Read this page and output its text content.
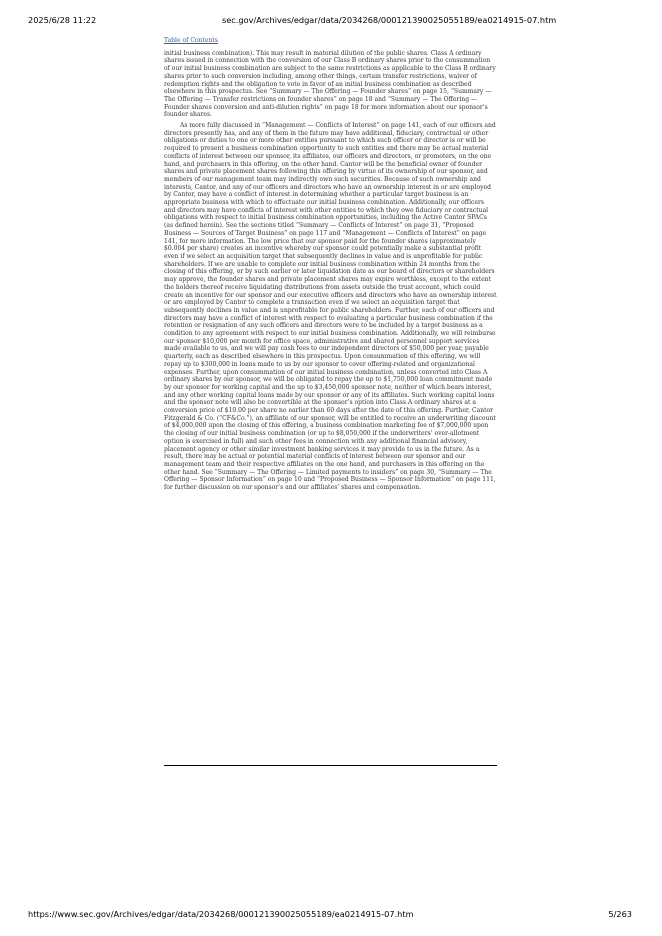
2025/6/28 11:22	sec.gov/Archives/edgar/data/2034268/000121390025055189/ea0214915-07.htm
Table of Contents

initial business combination). This may result in material dilution of the public shares. Class A ordinary shares issued in connection with the conversion of our Class B ordinary shares prior to the consummation of our initial business combination are subject to the same restrictions as applicable to the Class B ordinary shares prior to such conversion including, among other things, certain transfer restrictions, waiver of redemption rights and the obligation to vote in favor of an initial business combination as described elsewhere in this prospectus. See “Summary — The Offering — Founder shares” on page 15, “Summary — The Offering — Transfer restrictions on founder shares” on page 18 and “Summary — The Offering — Founder shares conversion and anti-dilution rights” on page 18 for more information about our sponsor’s founder shares.

As more fully discussed in “Management — Conflicts of Interest” on page 141, each of our officers and directors presently has, and any of them in the future may have additional, fiduciary, contractual or other obligations or duties to one or more other entities pursuant to which such officer or director is or will be required to present a business combination opportunity to such entities and there may be actual material conflicts of interest between our sponsor, its affiliates, our officers and directors, or promoters, on the one hand, and purchasers in this offering, on the other hand. Cantor will be the beneficial owner of founder shares and private placement shares following this offering by virtue of its ownership of our sponsor, and members of our management team may indirectly own such securities. Because of such ownership and interests, Cantor, and any of our officers and directors who have an ownership interest in or are employed by Cantor, may have a conflict of interest in determining whether a particular target business is an appropriate business with which to effectuate our initial business combination. Additionally, our officers and directors may have conflicts of interest with other entities to which they owe fiduciary or contractual obligations with respect to initial business combination opportunities, including the Active Cantor SPACs (as defined herein). See the sections titled “Summary — Conflicts of Interest” on page 31, “Proposed Business — Sources of Target Business” on page 117 and “Management — Conflicts of Interest” on page 141, for more information. The low price that our sponsor paid for the founder shares (approximately $0.004 per share) creates an incentive whereby our sponsor could potentially make a substantial profit even if we select an acquisition target that subsequently declines in value and is unprofitable for public shareholders. If we are unable to complete our initial business combination within 24 months from the closing of this offering, or by such earlier or later liquidation date as our board of directors or shareholders may approve, the founder shares and private placement shares may expire worthless, except to the extent the holders thereof receive liquidating distributions from assets outside the trust account, which could create an incentive for our sponsor and our executive officers and directors who have an ownership interest or are employed by Cantor to complete a transaction even if we select an acquisition target that subsequently declines in value and is unprofitable for public shareholders. Further, each of our officers and directors may have a conflict of interest with respect to evaluating a particular business combination if the retention or resignation of any such officers and directors were to be included by a target business as a condition to any agreement with respect to our initial business combination. Additionally, we will reimburse our sponsor $10,000 per month for office space, administrative and shared personnel support services made available to us, and we will pay cash fees to our independent directors of $50,000 per year, payable quarterly, each as described elsewhere in this prospectus. Upon consummation of this offering, we will repay up to $300,000 in loans made to us by our sponsor to cover offering-related and organizational expenses. Further, upon consummation of our initial business combination, unless converted into Class A ordinary shares by our sponsor, we will be obligated to repay the up to $1,750,000 loan commitment made by our sponsor for working capital and the up to $3,450,000 sponsor note, neither of which bears interest, and any other working capital loans made by our sponsor or any of its affiliates. Such working capital loans and the sponsor note will also be convertible at the sponsor’s option into Class A ordinary shares at a conversion price of $10.00 per share no earlier than 60 days after the date of this offering. Further, Cantor Fitzgerald & Co. (“CF&Co.”), an affiliate of our sponsor, will be entitled to receive an underwriting discount of $4,000,000 upon the closing of this offering, a business combination marketing fee of $7,000,000 upon the closing of our initial business combination (or up to $8,050,000 if the underwriters’ over-allotment option is exercised in full) and such other fees in connection with any additional financial advisory, placement agency or other similar investment banking services it may provide to us in the future. As a result, there may be actual or potential material conflicts of interest between our sponsor and our management team and their respective affiliates on the one hand, and purchasers in this offering on the other hand. See “Summary — The Offering — Limited payments to insiders” on page 30, “Summary — The Offering — Sponsor Information” on page 10 and “Proposed Business — Sponsor Information” on page 111, for further discussion on our sponsor’s and our affiliates’ shares and compensation.

https://www.sec.gov/Archives/edgar/data/2034268/000121390025055189/ea0214915-07.htm	5/263
